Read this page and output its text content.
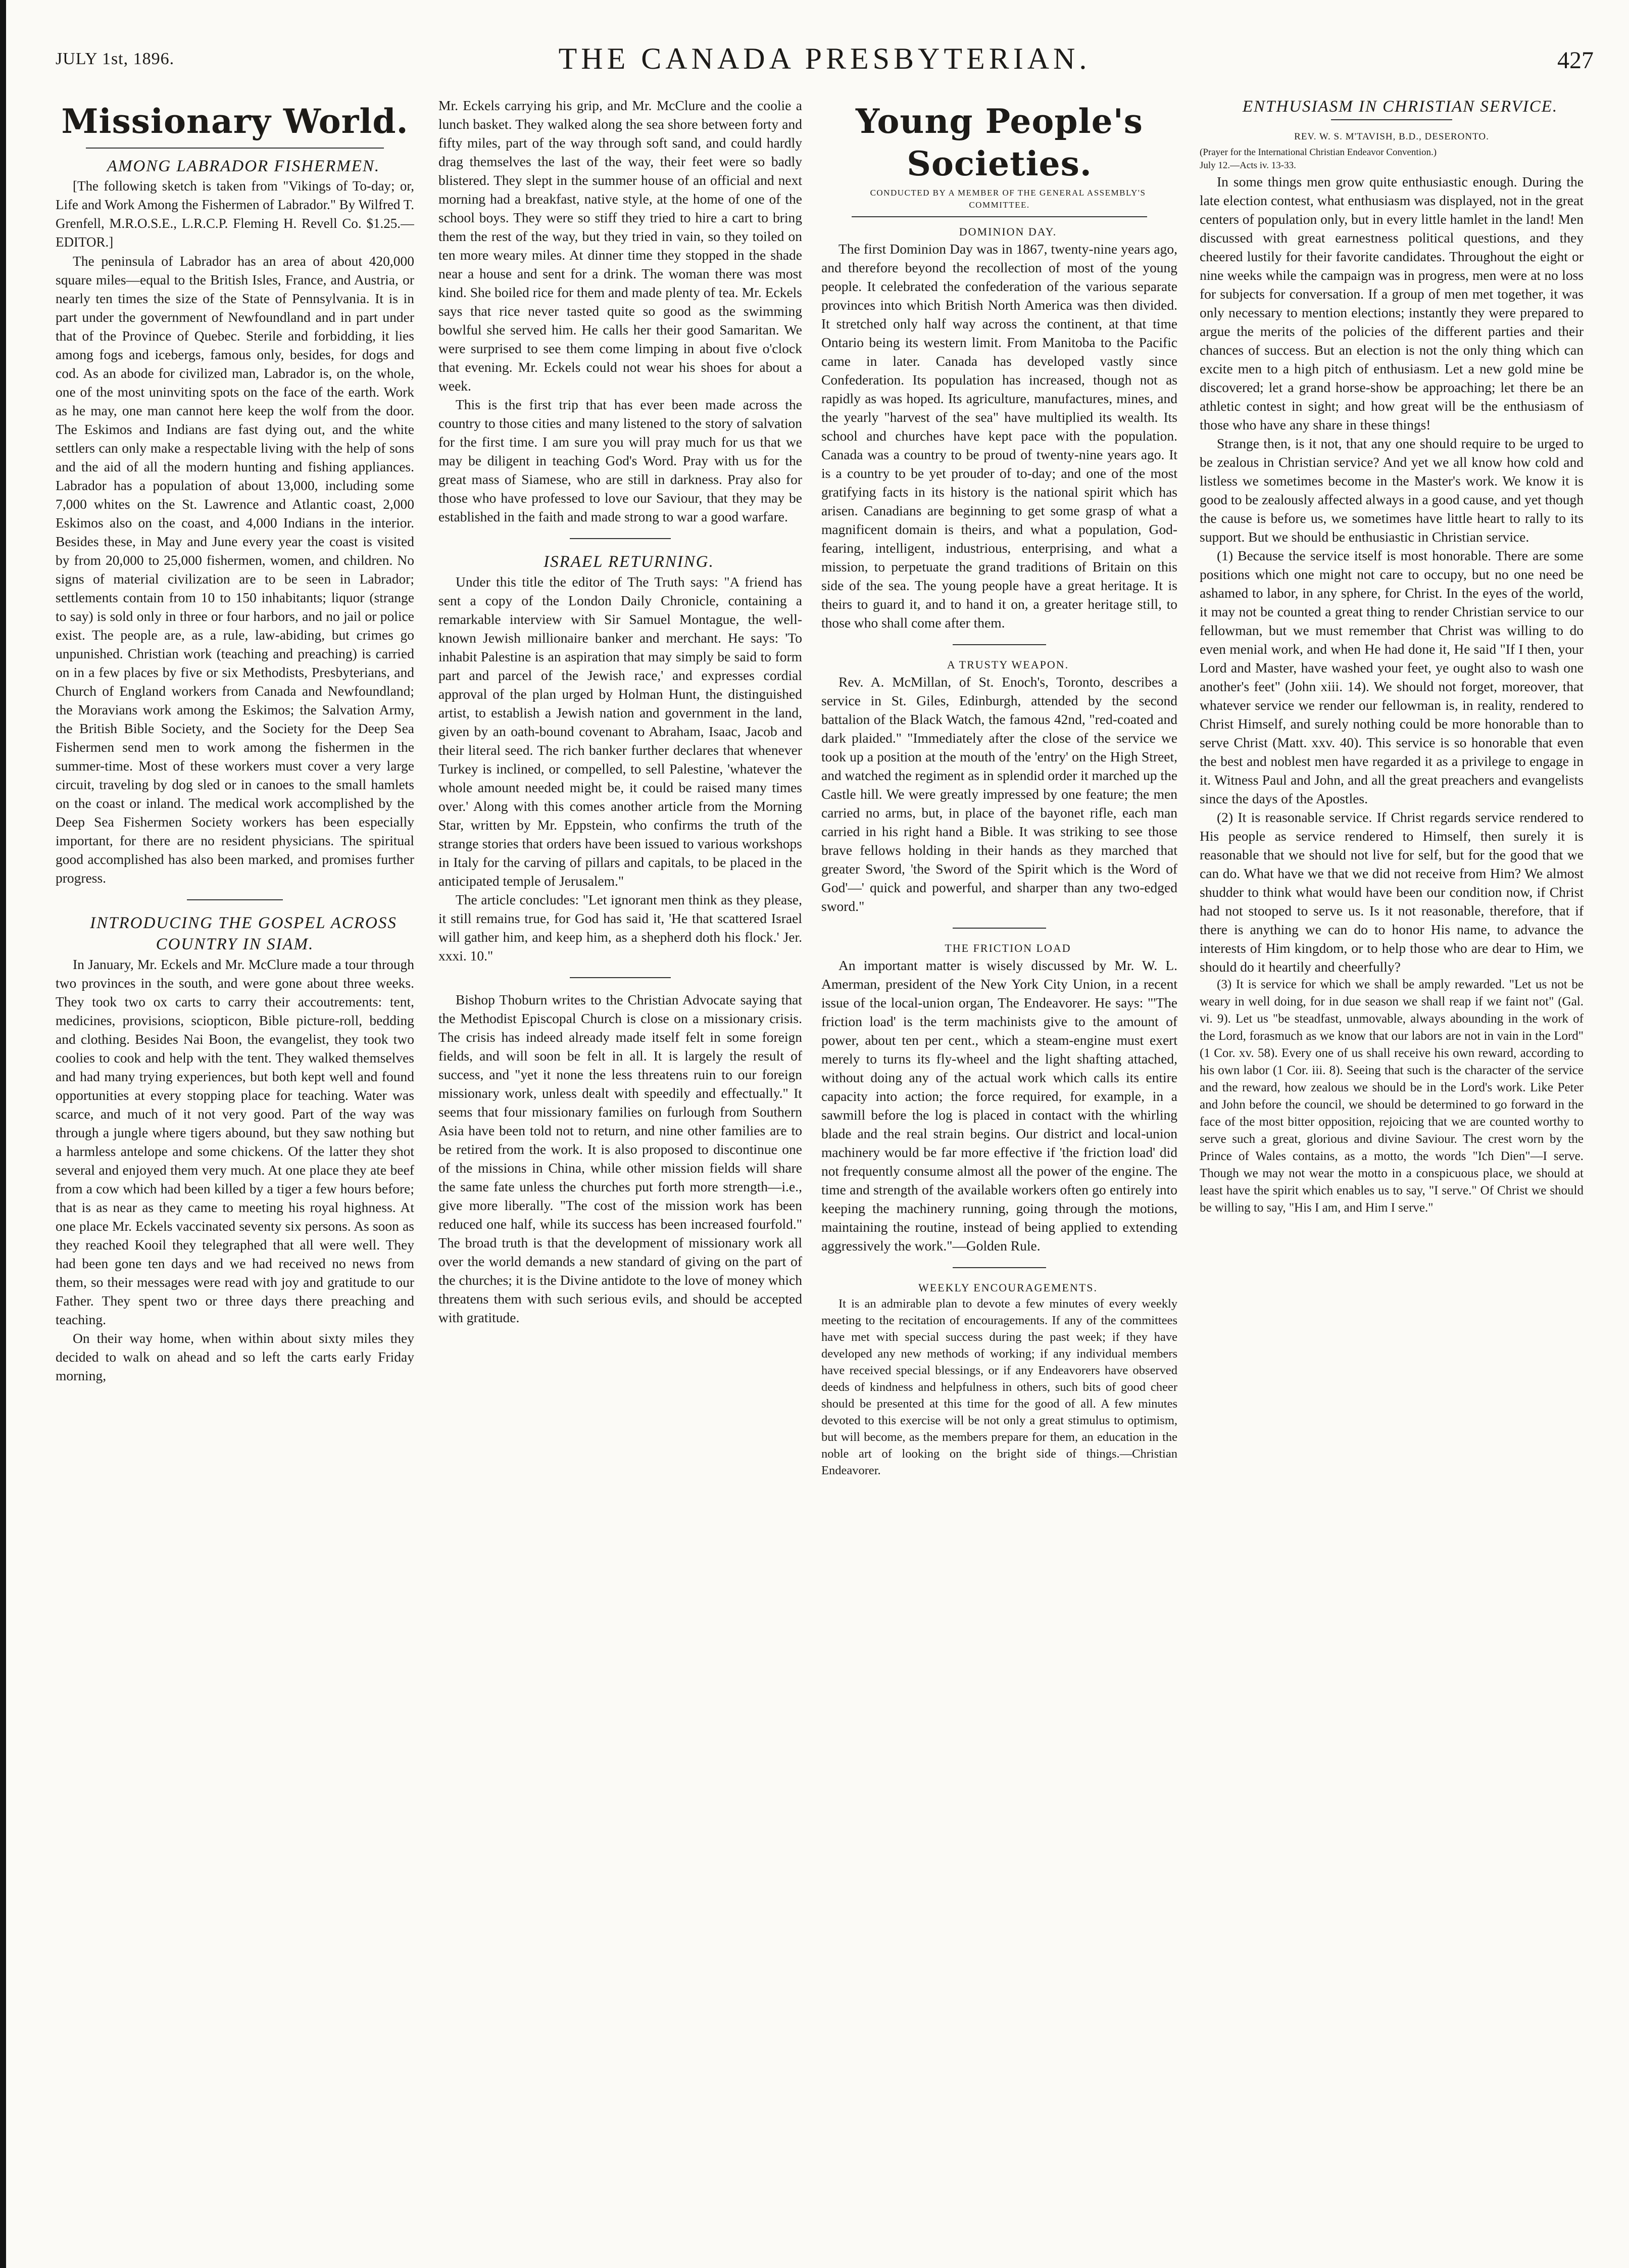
JULY 1st, 1896.	THE CANADA PRESBYTERIAN.	427
Missionary World.

AMONG LABRADOR FISHERMEN.

[The following sketch is taken from "Vikings of To-day; or, Life and Work Among the Fishermen of Labrador." By Wilfred T. Grenfell, M.R.O.S.E., L.R.C.P. Fleming H. Revell Co. $1.25.—EDITOR.]

The peninsula of Labrador has an area of about 420,000 square miles—equal to the British Isles, France, and Austria, or nearly ten times the size of the State of Pennsylvania. It is in part under the government of Newfoundland and in part under that of the Province of Quebec. Sterile and forbidding, it lies among fogs and icebergs, famous only, besides, for dogs and cod. As an abode for civilized man, Labrador is, on the whole, one of the most uninviting spots on the face of the earth. Work as he may, one man cannot here keep the wolf from the door. The Eskimos and Indians are fast dying out, and the white settlers can only make a respectable living with the help of sons and the aid of all the modern hunting and fishing appliances. Labrador has a population of about 13,000, including some 7,000 whites on the St. Lawrence and Atlantic coast, 2,000 Eskimos also on the coast, and 4,000 Indians in the interior. Besides these, in May and June every year the coast is visited by from 20,000 to 25,000 fishermen, women, and children. No signs of material civilization are to be seen in Labrador; settlements contain from 10 to 150 inhabitants; liquor (strange to say) is sold only in three or four harbors, and no jail or police exist. The people are, as a rule, law-abiding, but crimes go unpunished. Christian work (teaching and preaching) is carried on in a few places by five or six Methodists, Presbyterians, and Church of England workers from Canada and Newfoundland; the Moravians work among the Eskimos; the Salvation Army, the British Bible Society, and the Society for the Deep Sea Fishermen send men to work among the fishermen in the summer-time. Most of these workers must cover a very large circuit, traveling by dog sled or in canoes to the small hamlets on the coast or inland. The medical work accomplished by the Deep Sea Fishermen Society workers has been especially important, for there are no resident physicians. The spiritual good accomplished has also been marked, and promises further progress.

INTRODUCING THE GOSPEL ACROSS COUNTRY IN SIAM.

In January, Mr. Eckels and Mr. McClure made a tour through two provinces in the south, and were gone about three weeks. They took two ox carts to carry their accoutrements: tent, medicines, provisions, sciopticon, Bible picture-roll, bedding and clothing. Besides Nai Boon, the evangelist, they took two coolies to cook and help with the tent. They walked themselves and had many trying experiences, but both kept well and found opportunities at every stopping place for teaching. Water was scarce, and much of it not very good. Part of the way was through a jungle where tigers abound, but they saw nothing but a harmless antelope and some chickens. Of the latter they shot several and enjoyed them very much. At one place they ate beef from a cow which had been killed by a tiger a few hours before; that is as near as they came to meeting his royal highness. At one place Mr. Eckels vaccinated seventy six persons. As soon as they reached Kooil they telegraphed that all were well. They had been gone ten days and we had received no news from them, so their messages were read with joy and gratitude to our Father. They spent two or three days there preaching and teaching.

On their way home, when within about sixty miles they decided to walk on ahead and so left the carts early Friday morning,

Mr. Eckels carrying his grip, and Mr. McClure and the coolie a lunch basket. They walked along the sea shore between forty and fifty miles, part of the way through soft sand, and could hardly drag themselves the last of the way, their feet were so badly blistered. They slept in the summer house of an official and next morning had a breakfast, native style, at the home of one of the school boys. They were so stiff they tried to hire a cart to bring them the rest of the way, but they tried in vain, so they toiled on ten more weary miles. At dinner time they stopped in the shade near a house and sent for a drink. The woman there was most kind. She boiled rice for them and made plenty of tea. Mr. Eckels says that rice never tasted quite so good as the swimming bowlful she served him. He calls her their good Samaritan. We were surprised to see them come limping in about five o'clock that evening. Mr. Eckels could not wear his shoes for about a week.

This is the first trip that has ever been made across the country to those cities and many listened to the story of salvation for the first time. I am sure you will pray much for us that we may be diligent in teaching God's Word. Pray with us for the great mass of Siamese, who are still in darkness. Pray also for those who have professed to love our Saviour, that they may be established in the faith and made strong to war a good warfare.

ISRAEL RETURNING.

Under this title the editor of The Truth says: "A friend has sent a copy of the London Daily Chronicle, containing a remarkable interview with Sir Samuel Montague, the well-known Jewish millionaire banker and merchant. He says: 'To inhabit Palestine is an aspiration that may simply be said to form part and parcel of the Jewish race,' and expresses cordial approval of the plan urged by Holman Hunt, the distinguished artist, to establish a Jewish nation and government in the land, given by an oath-bound covenant to Abraham, Isaac, Jacob and their literal seed. The rich banker further declares that whenever Turkey is inclined, or compelled, to sell Palestine, 'whatever the whole amount needed might be, it could be raised many times over.' Along with this comes another article from the Morning Star, written by Mr. Eppstein, who confirms the truth of the strange stories that orders have been issued to various workshops in Italy for the carving of pillars and capitals, to be placed in the anticipated temple of Jerusalem."

The article concludes: "Let ignorant men think as they please, it still remains true, for God has said it, 'He that scattered Israel will gather him, and keep him, as a shepherd doth his flock.' Jer. xxxi. 10."

Bishop Thoburn writes to the Christian Advocate saying that the Methodist Episcopal Church is close on a missionary crisis. The crisis has indeed already made itself felt in some foreign fields, and will soon be felt in all. It is largely the result of success, and "yet it none the less threatens ruin to our foreign missionary work, unless dealt with speedily and effectually." It seems that four missionary families on furlough from Southern Asia have been told not to return, and nine other families are to be retired from the work. It is also proposed to discontinue one of the missions in China, while other mission fields will share the same fate unless the churches put forth more strength—i.e., give more liberally. "The cost of the mission work has been reduced one half, while its success has been increased fourfold." The broad truth is that the development of missionary work all over the world demands a new standard of giving on the part of the churches; it is the Divine antidote to the love of money which threatens them with such serious evils, and should be accepted with gratitude.

Young People's Societies.

CONDUCTED BY A MEMBER OF THE GENERAL ASSEMBLY'S COMMITTEE.

DOMINION DAY.

The first Dominion Day was in 1867, twenty-nine years ago, and therefore beyond the recollection of most of the young people. It celebrated the confederation of the various separate provinces into which British North America was then divided. It stretched only half way across the continent, at that time Ontario being its western limit. From Manitoba to the Pacific came in later. Canada has developed vastly since Confederation. Its population has increased, though not as rapidly as was hoped. Its agriculture, manufactures, mines, and the yearly "harvest of the sea" have multiplied its wealth. Its school and churches have kept pace with the population. Canada was a country to be proud of twenty-nine years ago. It is a country to be yet prouder of to-day; and one of the most gratifying facts in its history is the national spirit which has arisen. Canadians are beginning to get some grasp of what a magnificent domain is theirs, and what a population, God-fearing, intelligent, industrious, enterprising, and what a mission, to perpetuate the grand traditions of Britain on this side of the sea. The young people have a great heritage. It is theirs to guard it, and to hand it on, a greater heritage still, to those who shall come after them.

A TRUSTY WEAPON.

Rev. A. McMillan, of St. Enoch's, Toronto, describes a service in St. Giles, Edinburgh, attended by the second battalion of the Black Watch, the famous 42nd, "red-coated and dark plaided." "Immediately after the close of the service we took up a position at the mouth of the 'entry' on the High Street, and watched the regiment as in splendid order it marched up the Castle hill. We were greatly impressed by one feature; the men carried no arms, but, in place of the bayonet rifle, each man carried in his right hand a Bible. It was striking to see those brave fellows holding in their hands as they marched that greater Sword, 'the Sword of the Spirit which is the Word of God'—' quick and powerful, and sharper than any two-edged sword."

THE FRICTION LOAD

An important matter is wisely discussed by Mr. W. L. Amerman, president of the New York City Union, in a recent issue of the local-union organ, The Endeavorer. He says: "'The friction load' is the term machinists give to the amount of power, about ten per cent., which a steam-engine must exert merely to turns its fly-wheel and the light shafting attached, without doing any of the actual work which calls its entire capacity into action; the force required, for example, in a sawmill before the log is placed in contact with the whirling blade and the real strain begins. Our district and local-union machinery would be far more effective if 'the friction load' did not frequently consume almost all the power of the engine. The time and strength of the available workers often go entirely into keeping the machinery running, going through the motions, maintaining the routine, instead of being applied to extending aggressively the work."—Golden Rule.

WEEKLY ENCOURAGEMENTS.

It is an admirable plan to devote a few minutes of every weekly meeting to the recitation of encouragements. If any of the committees have met with special success during the past week; if they have developed any new methods of working; if any individual members have received special blessings, or if any Endeavorers have observed deeds of kindness and helpfulness in others, such bits of good cheer should be presented at this time for the good of all. A few minutes devoted to this exercise will be not only a great stimulus to optimism, but will become, as the members prepare for them, an education in the noble art of looking on the bright side of things.—Christian Endeavorer.

ENTHUSIASM IN CHRISTIAN SERVICE.

REV. W. S. M'TAVISH, B.D., DESERONTO.

(Prayer for the International Christian Endeavor Convention.)

July 12.—Acts iv. 13-33.

In some things men grow quite enthusiastic enough. During the late election contest, what enthusiasm was displayed, not in the great centers of population only, but in every little hamlet in the land! Men discussed with great earnestness political questions, and they cheered lustily for their favorite candidates. Throughout the eight or nine weeks while the campaign was in progress, men were at no loss for subjects for conversation. If a group of men met together, it was only necessary to mention elections; instantly they were prepared to argue the merits of the policies of the different parties and their chances of success. But an election is not the only thing which can excite men to a high pitch of enthusiasm. Let a new gold mine be discovered; let a grand horse-show be approaching; let there be an athletic contest in sight; and how great will be the enthusiasm of those who have any share in these things!

Strange then, is it not, that any one should require to be urged to be zealous in Christian service? And yet we all know how cold and listless we sometimes become in the Master's work. We know it is good to be zealously affected always in a good cause, and yet though the cause is before us, we sometimes have little heart to rally to its support. But we should be enthusiastic in Christian service.

(1) Because the service itself is most honorable. There are some positions which one might not care to occupy, but no one need be ashamed to labor, in any sphere, for Christ. In the eyes of the world, it may not be counted a great thing to render Christian service to our fellowman, but we must remember that Christ was willing to do even menial work, and when He had done it, He said "If I then, your Lord and Master, have washed your feet, ye ought also to wash one another's feet" (John xiii. 14). We should not forget, moreover, that whatever service we render our fellowman is, in reality, rendered to Christ Himself, and surely nothing could be more honorable than to serve Christ (Matt. xxv. 40). This service is so honorable that even the best and noblest men have regarded it as a privilege to engage in it. Witness Paul and John, and all the great preachers and evangelists since the days of the Apostles.

(2) It is reasonable service. If Christ regards service rendered to His people as service rendered to Himself, then surely it is reasonable that we should not live for self, but for the good that we can do. What have we that we did not receive from Him? We almost shudder to think what would have been our condition now, if Christ had not stooped to serve us. Is it not reasonable, therefore, that if there is anything we can do to honor His name, to advance the interests of Him kingdom, or to help those who are dear to Him, we should do it heartily and cheerfully?

(3) It is service for which we shall be amply rewarded. "Let us not be weary in well doing, for in due season we shall reap if we faint not" (Gal. vi. 9). Let us "be steadfast, unmovable, always abounding in the work of the Lord, forasmuch as we know that our labors are not in vain in the Lord" (1 Cor. xv. 58). Every one of us shall receive his own reward, according to his own labor (1 Cor. iii. 8). Seeing that such is the character of the service and the reward, how zealous we should be in the Lord's work. Like Peter and John before the council, we should be determined to go forward in the face of the most bitter opposition, rejoicing that we are counted worthy to serve such a great, glorious and divine Saviour. The crest worn by the Prince of Wales contains, as a motto, the words "Ich Dien"—I serve. Though we may not wear the motto in a conspicuous place, we should at least have the spirit which enables us to say, "I serve." Of Christ we should be willing to say, "His I am, and Him I serve."
